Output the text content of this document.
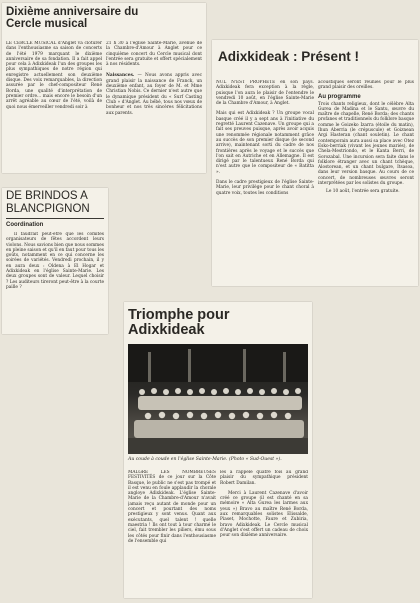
Dixième anniversaire du Cercle musical

LE CERCLE MUSICAL d'Anglet va clôturer dans l'enthousiasme sa saison de concerts de l'été 1979 marquant le dixième anniversaire de sa fondation. Il a fait appel pour cela à Adixkideak l'un des groupes les plus sympathiques de notre région qui enregistre actuellement son deuxième disque. Des voix remarquables, la direction assurée par le chef-compositeur René Borda, une qualité d'interprétation de premier ordre... mais encore le besoin d'un arrêt agréable au cœur de l'été, voilà de quoi nous émerveiller vendredi soir à

21 h 30 à l'église Sainte-Marie, avenue de la Chambre-d'Amour à Anglet pour ce cinquième concert du Cercle musical dont l'entrée sera gratuite et offert spécialement à nos résidents.

Naissances. — Nous avons appris avec grand plaisir la naissance de Franck, un deuxième enfant, au foyer de M. et Mme Christian Nobis. Ce dernier n'est autre que le dynamique président du « Surf Casting Club » d'Anglet. Au bébé, tous nos vœux de bonheur et nos très sincères félicitations aux parents.

Adixkideak : Présent !

NUL N'EST PROPHÈTE en son pays. Adixkideak fera exception à la règle, puisque l'on aura le plaisir de l'entendre le vendredi 10 août, en l'église Sainte-Marie de la Chambre d'Amour, à Anglet.

Mais qui est Adixkideak ? Un groupe vocal basque créé il y a sept ans à l'initiative du regretté Laurent Cazenave. Un groupe qui a fait ses preuves puisque, après avoir acquis une renommée régionale notamment grâce au succès de son premier disque (le second arrive), maintenant sorti du cadre de nos frontières après le voyage et le succès que l'on sait en Autriche et en Allemagne. Il est dirigé par le talentueux René Borda qui n'est autre que le compositeur de « Batitta ».

Dans le cadre prestigieux de l'église Sainte-Marie, leur privilège pour le chant choral à quatre voix, toutes les conditions

acoustiques seront réunies pour le plus grand plaisir des oreilles.

Au programme

Trois chants religieux, dont le célèbre Alta Gurea de Madina et le Santu, œuvre du maître de chapelle, René Borda; des chants profanes et traditionnels du folklore basque comme le Goizeko Izarra (étoile du matin), Ihun Aberria (le crépuscule) et Goiznean Argi Hasteran (chant souletin). Le chant contemporain aura aussi sa place avec Otez Esko-berriak (vivant les jeunes mariés), de Chela-Mestriondo, et le Kanta Berri, de Sorozabal. Une incursion sera faite dans le folklore étranger avec un chant tchèque, Alostorean, et un chant bulgare, Itsasoa, dans leur version basque. Au cours de ce concert, de nombreuses œuvres seront interprétées par les solistes du groupe.

Le 10 août, l'entrée sera gratuite.

DE BRINDOS A BLANCPIGNON

Coordination

Il faudrait peut-être que les comités organisateurs de fêtes accordent leurs violons. Nous savions bien que nous sommes en pleine saison et qu'il en faut pour tous les goûts, notamment en ce qui concerne les soirées de variétés. Vendredi prochain, il y en aura deux : Oldena à El Hogar et Adixkideak en l'église Sainte-Marie. Les deux groupes sont de valeur. Lequel choisir ? Les auditeurs tireront peut-être à la courte paille ?

Triomphe pour Adixkideak
Au coude à coude en l'église Sainte-Marie. (Photo « Sud-Ouest »).

MALGRÉ LES NOMBREUSES FESTIVITÉS de ce jour sur la Côte Basque, le public ne s'est pas trompé et il est venu en foule applaudir la chorale angloye Adixkideak. L'église Sainte-Marie de la Chambre-d'Amour n'avait jamais reçu autant de monde pour un concert et pourtant des noms prestigieux y sont venus. Quant aux exécutants, quel talent ! quelle maestria ! Ils ont tout à tour charmé le ciel, fait trembler les piliers, ému sous les côtés pour finir dans l'enthousiasme de l'ensemble qui

les a rappelé quatre fois au grand plaisir du sympathique président Robert Damilan.

Merci à Laurent Cazenave d'avoir créé ce groupe (il est chanté en sa mémoire « Alta Gurea les larmes aux yeux ») Bravo au maître René Borda, aux remarquables solistes Elissalde, Piaset, Mochotte, Faure et Zubiria, bravo Adixkideak. Le Cercle musical d'Anglet s'est offert un cadeau de choix pour son dixième anniversaire.
